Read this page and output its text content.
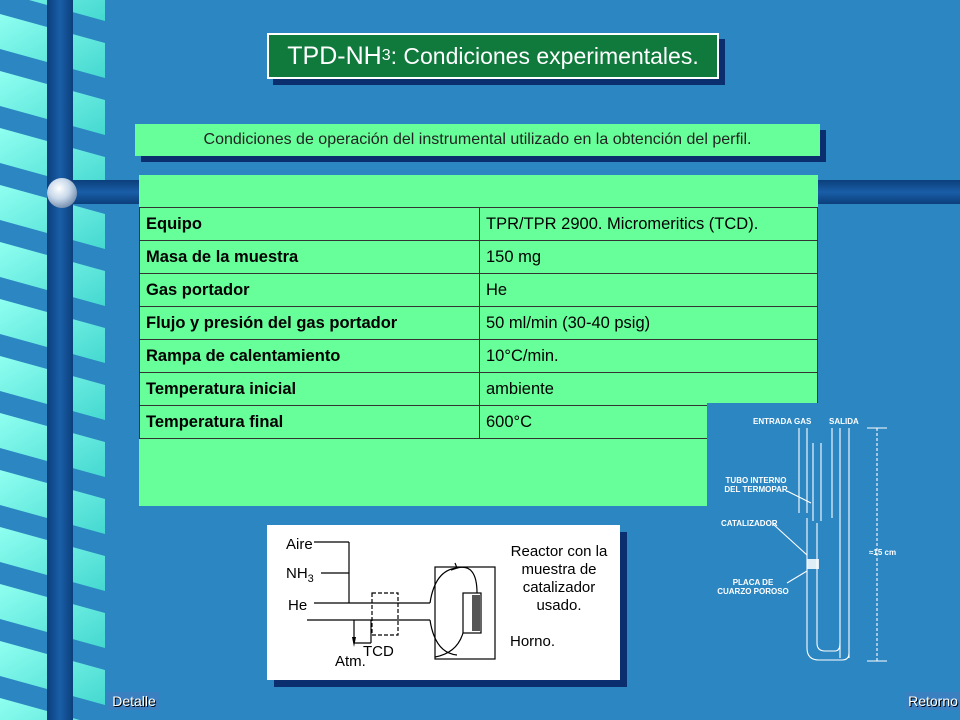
TPD-NH 3 : Condiciones experimentales.
Condiciones de operación del instrumental utilizado en la obtención del perfil.
Equipo	TPR/TPR 2900. Micromeritics (TCD).
Masa de la muestra	150 mg
Gas portador	He
Flujo y presión del gas portador	50 ml/min (30-40 psig)
Rampa de calentamiento	10°C/min.
Temperatura inicial	ambiente
Temperatura final	600°C
Aire
$NH_3$
He
TCD
Atm.
Reactor con la
muestra de
catalizador
usado.
Horno.
ENTRADA GAS SALIDA
TUBO INTERNO
DEL TERMOPAR
CATALIZADOR
PLACA DE
CUARZO POROSO
≈15 cm
Detalle	Retorno
